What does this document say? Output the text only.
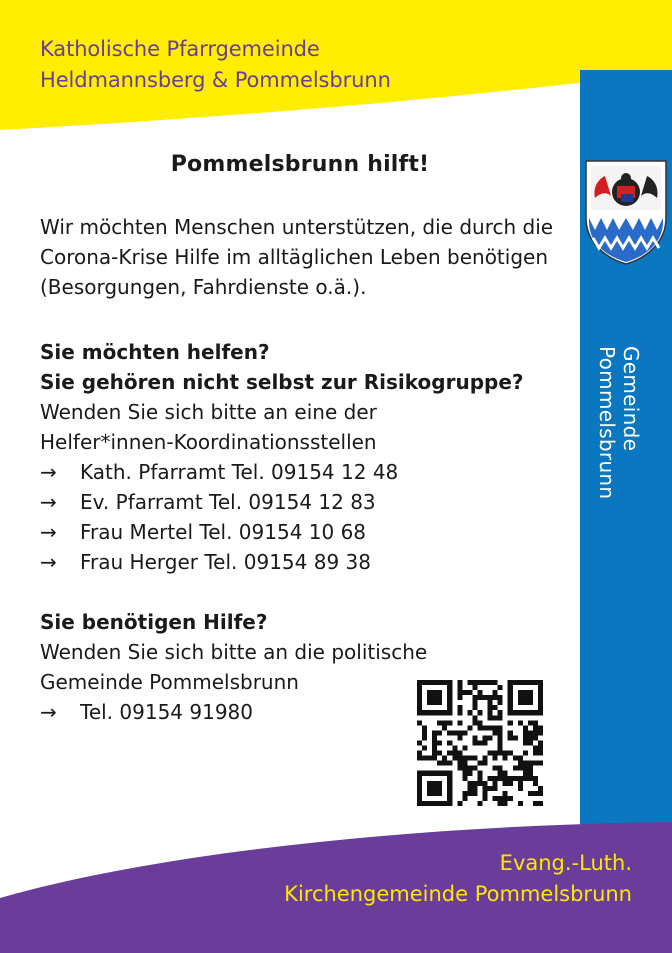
Katholische Pfarrgemeinde
Heldmannsberg & Pommelsbrunn
Gemeinde Pommelsbrunn
Pommelsbrunn hilft!
Wir möchten Menschen unterstützen, die durch die
Corona-Krise Hilfe im alltäglichen Leben benötigen
(Besorgungen, Fahrdienste o.ä.).
Sie möchten helfen?
Sie gehören nicht selbst zur Risikogruppe?
Wenden Sie sich bitte an eine der
Helfer*innen-Koordinationsstellen
→ Kath. Pfarramt Tel. 09154 12 48
→ Ev. Pfarramt Tel. 09154 12 83
→ Frau Mertel Tel. 09154 10 68
→ Frau Herger Tel. 09154 89 38
Sie benötigen Hilfe?
Wenden Sie sich bitte an die politische
Gemeinde Pommelsbrunn
→ Tel. 09154 91980
Evang.-Luth.
Kirchengemeinde Pommelsbrunn
